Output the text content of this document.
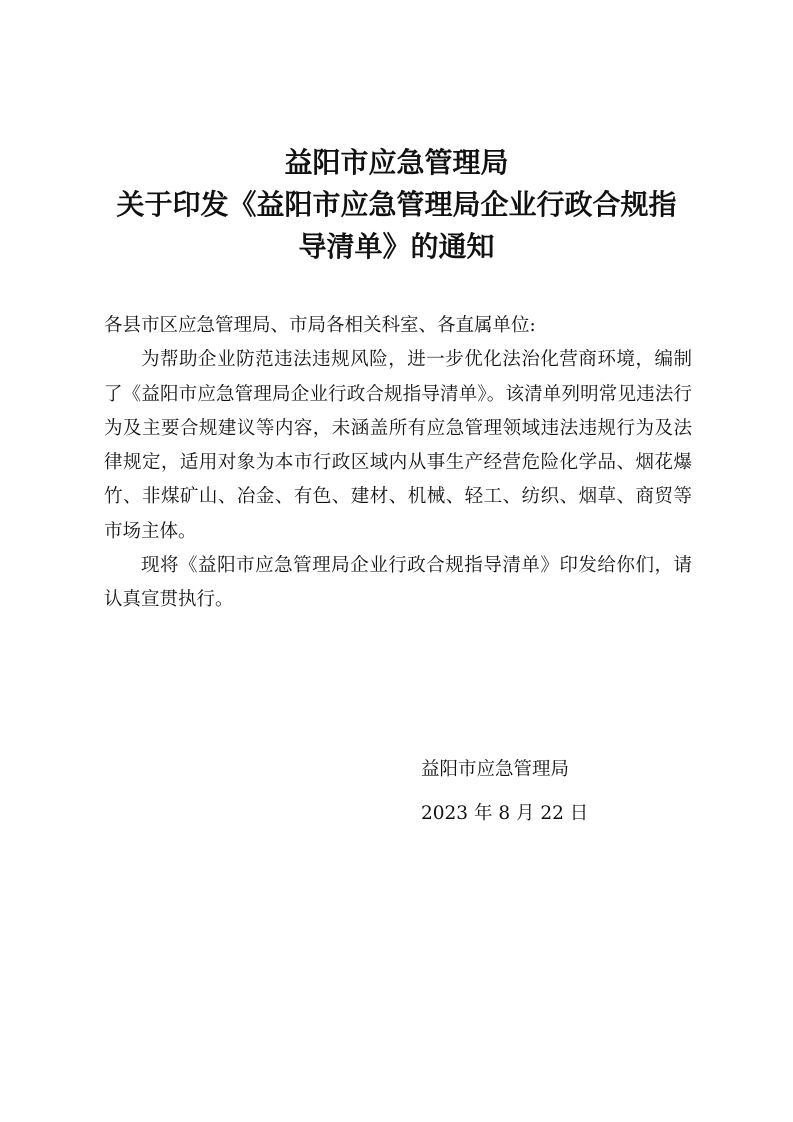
益阳市应急管理局
关于印发《益阳市应急管理局企业行政合规指
导清单》的通知

各县市区应急管理局、市局各相关科室、各直属单位:

为帮助企业防范违法违规风险，进一步优化法治化营商环境，编制了《益阳市应急管理局企业行政合规指导清单》。该清单列明常见违法行为及主要合规建议等内容，未涵盖所有应急管理领域违法违规行为及法律规定，适用对象为本市行政区域内从事生产经营危险化学品、烟花爆竹、非煤矿山、冶金、有色、建材、机械、轻工、纺织、烟草、商贸等市场主体。

现将《益阳市应急管理局企业行政合规指导清单》印发给你们，请认真宣贯执行。

益阳市应急管理局
2023 年 8 月 22 日
